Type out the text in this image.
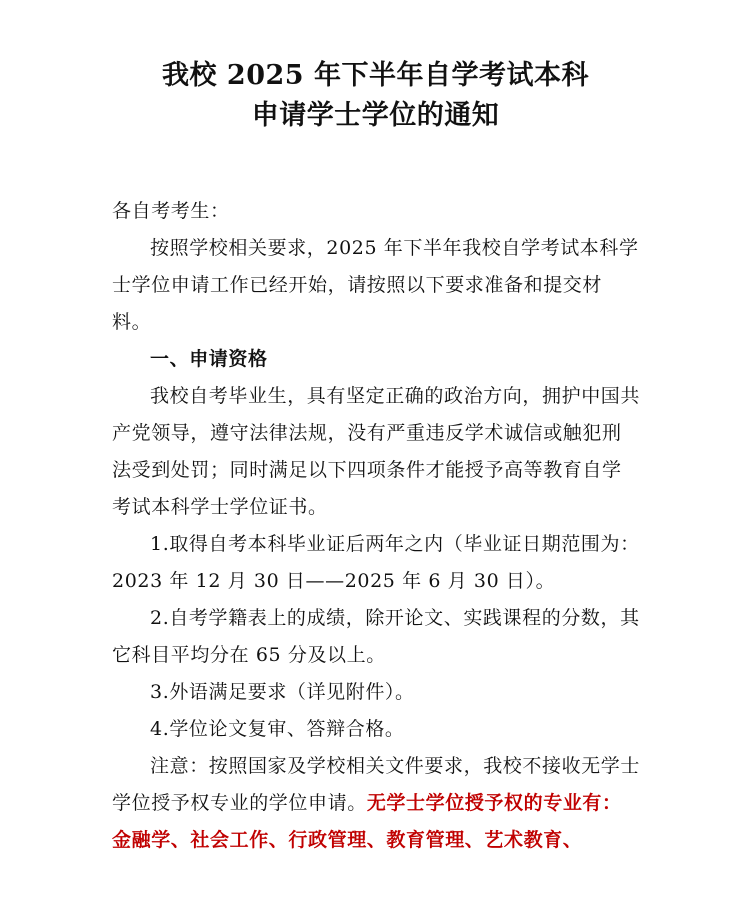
我校 2025 年下半年自学考试本科
申请学士学位的通知
各自考考生：
按照学校相关要求，2025 年下半年我校自学考试本科学士学位申请工作已经开始，请按照以下要求准备和提交材料。
一、申请资格
我校自考毕业生，具有坚定正确的政治方向，拥护中国共产党领导，遵守法律法规，没有严重违反学术诚信或触犯刑法受到处罚；同时满足以下四项条件才能授予高等教育自学考试本科学士学位证书。
1.取得自考本科毕业证后两年之内（毕业证日期范围为：2023 年 12 月 30 日——2025 年 6 月 30 日）。
2.自考学籍表上的成绩，除开论文、实践课程的分数，其它科目平均分在 65 分及以上。
3.外语满足要求（详见附件）。
4.学位论文复审、答辩合格。
注意：按照国家及学校相关文件要求，我校不接收无学士学位授予权专业的学位申请。无学士学位授予权的专业有：金融学、社会工作、行政管理、教育管理、艺术教育、
